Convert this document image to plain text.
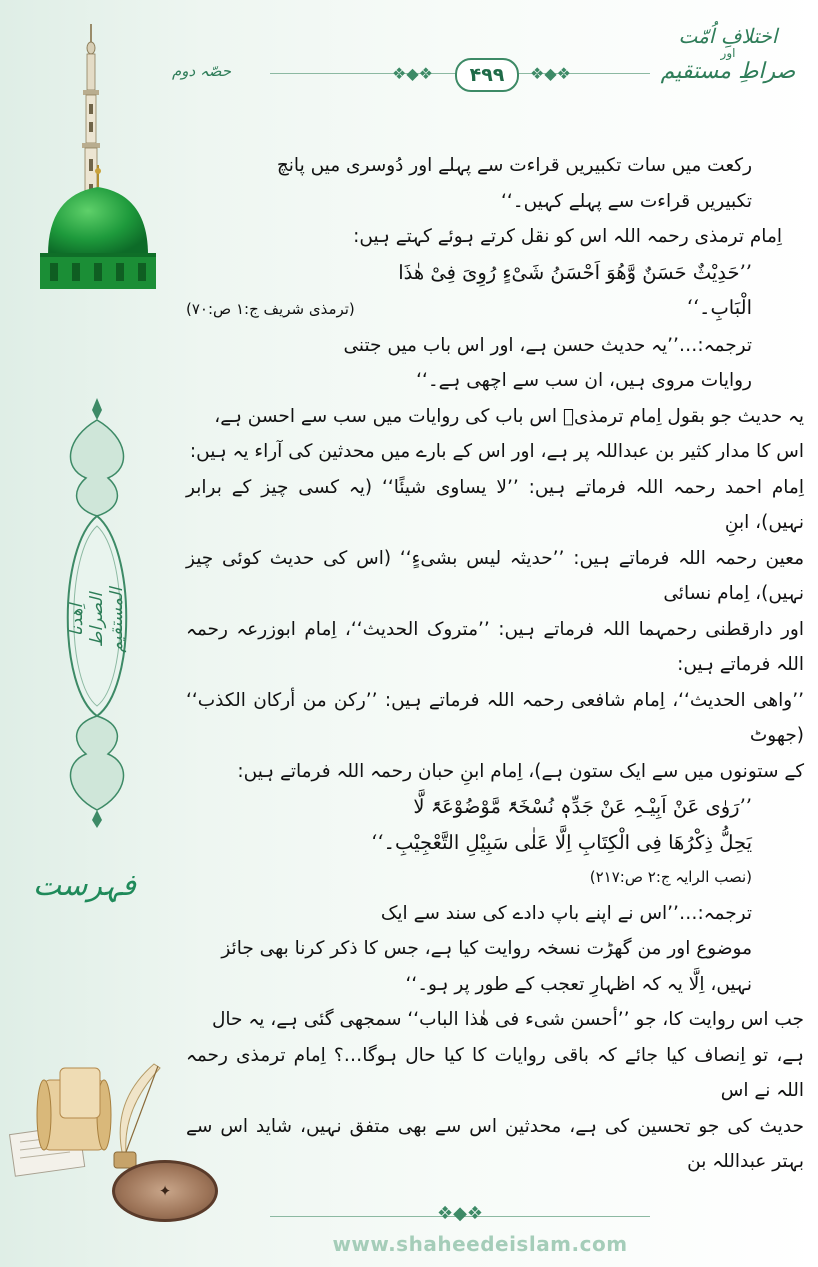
❖◆❖	❖◆❖
۴۹۹
حصّہ دوم
اختلافِ اُمّت
اور
صراطِ مستقیم
اِھدنا الصراط المستقیم
فہرست
✦

رکعت میں سات تکبیریں قراءت سے پہلے اور دُوسری میں پانچ

تکبیریں قراءت سے پہلے کہیں۔‘‘

اِمام ترمذی رحمہ اللہ اس کو نقل کرتے ہوئے کہتے ہیں:

’’حَدِیْثٌ حَسَنٌ وَّھُوَ اَحْسَنُ شَیْءٍ رُوِیَ فِیْ ھٰذَا

الْبَابِ۔‘‘
(ترمذی شریف ج:۱ ص:۷۰)

ترجمہ:…’’یہ حدیث حسن ہے، اور اس باب میں جتنی

روایات مروی ہیں، ان سب سے اچھی ہے۔‘‘

یہ حدیث جو بقول اِمام ترمذیؒ اس باب کی روایات میں سب سے احسن ہے،

اس کا مدار کثیر بن عبداللہ پر ہے، اور اس کے بارے میں محدثین کی آراء یہ ہیں:

اِمام احمد رحمہ اللہ فرماتے ہیں: ’’لا یساوی شیئًا‘‘ (یہ کسی چیز کے برابر نہیں)، ابنِ

معین رحمہ اللہ فرماتے ہیں: ’’حدیثہ لیس بشیءٍ‘‘ (اس کی حدیث کوئی چیز نہیں)، اِمام نسائی

اور دارقطنی رحمہما اللہ فرماتے ہیں: ’’متروک الحدیث‘‘، اِمام ابوزرعہ رحمہ اللہ فرماتے ہیں:

’’واھی الحدیث‘‘، اِمام شافعی رحمہ اللہ فرماتے ہیں: ’’رکن من أرکان الکذب‘‘ (جھوٹ

کے ستونوں میں سے ایک ستون ہے)، اِمام ابنِ حبان رحمہ اللہ فرماتے ہیں:

’’رَوٰی عَنْ اَبِیْـہِ عَنْ جَدِّہٖ نُسْخَۃً مَّوْضُوْعَۃً لَّا

یَحِلُّ ذِکْرُھَا فِی الْکِتَابِ اِلَّا عَلٰی سَبِیْلِ التَّعْجِیْبِ۔‘‘

(نصب الرایہ ج:۲ ص:۲۱۷)

ترجمہ:…’’اس نے اپنے باپ دادے کی سند سے ایک

موضوع اور من گھڑت نسخہ روایت کیا ہے، جس کا ذکر کرنا بھی جائز

نہیں، اِلَّا یہ کہ اظہارِ تعجب کے طور پر ہو۔‘‘

جب اس روایت کا، جو ’’أحسن شیء فی ھٰذا الباب‘‘ سمجھی گئی ہے، یہ حال

ہے، تو اِنصاف کیا جائے کہ باقی روایات کا کیا حال ہوگا…؟ اِمام ترمذی رحمہ اللہ نے اس

حدیث کی جو تحسین کی ہے، محدثین اس سے بھی متفق نہیں، شاید اس سے بہتر عبداللہ بن

❖◆❖
www.shaheedeislam.com
